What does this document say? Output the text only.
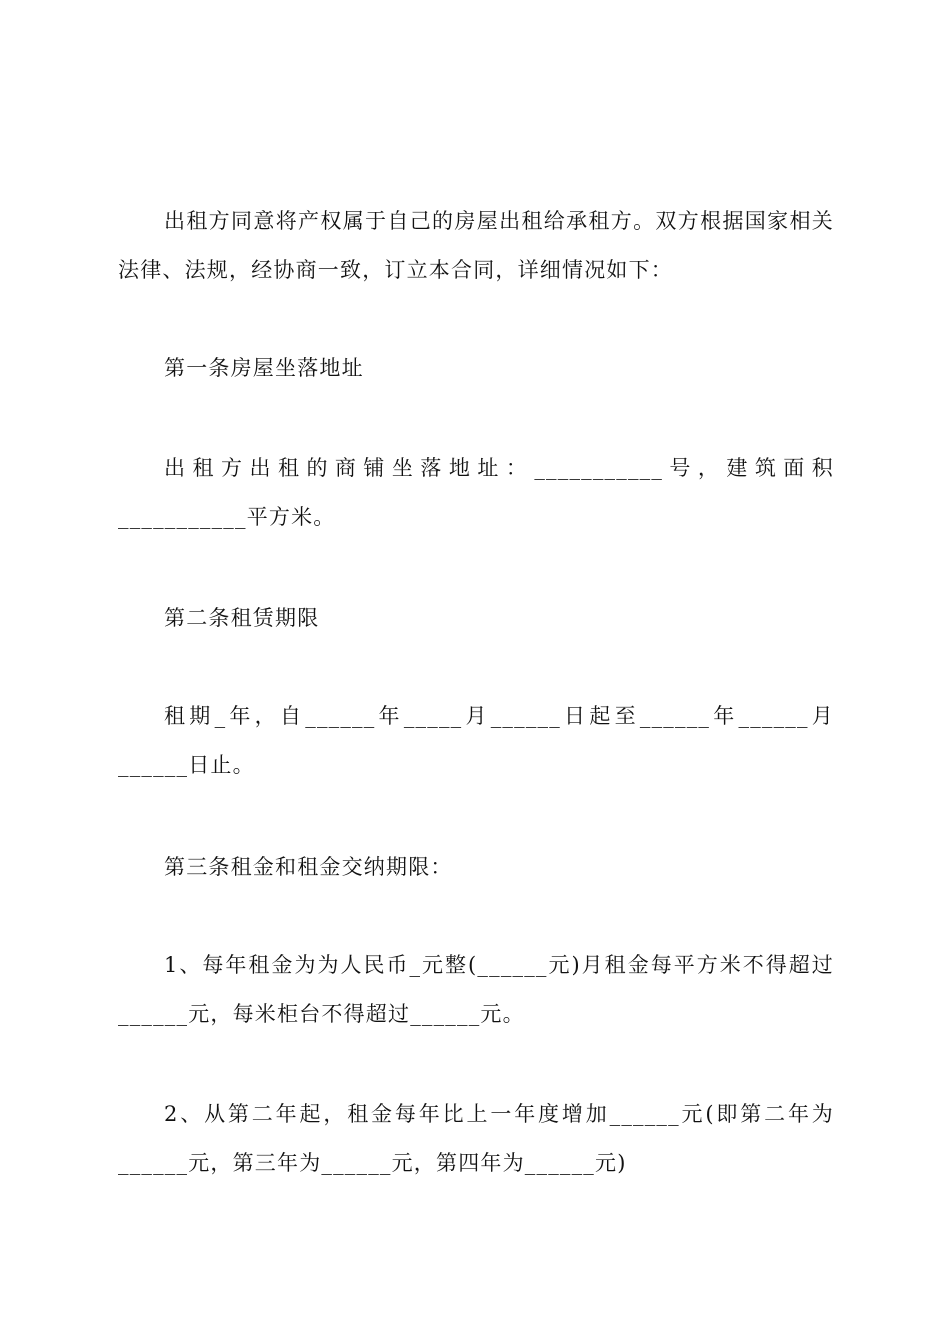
出租方同意将产权属于自己的房屋出租给承租方。双方根据国家相关法律、法规，经协商一致，订立本合同，详细情况如下：

第一条房屋坐落地址

出租方出租的商铺坐落地址：___________号，建筑面积___________平方米。

第二条租赁期限

租期_年，自______年_____月______日起至______年______月______日止。

第三条租金和租金交纳期限：

1、每年租金为为人民币_元整(______元)月租金每平方米不得超过______元，每米柜台不得超过______元。

2、从第二年起，租金每年比上一年度增加______元(即第二年为______元，第三年为______元，第四年为______元)
